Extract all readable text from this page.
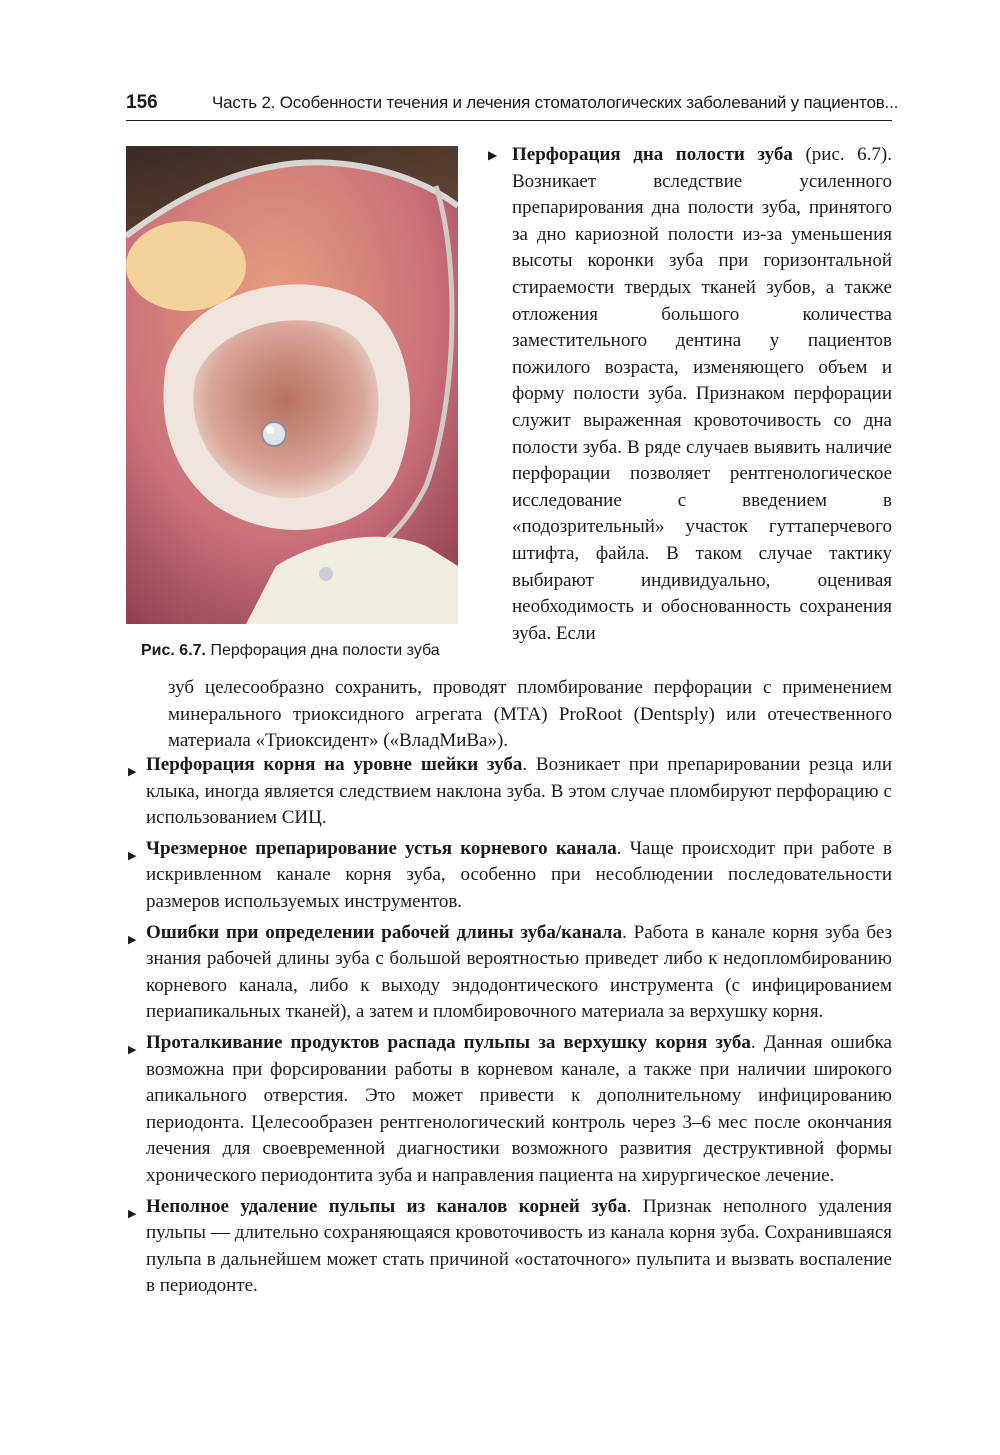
156	Часть 2. Особенности течения и лечения стоматологических заболеваний у пациентов...
Рис. 6.7. Перфорация дна полости зуба
▶ Перфорация дна полости зуба (рис. 6.7). Возникает вследствие усиленного препарирования дна полости зуба, принятого за дно кариозной полости из-за уменьшения высоты коронки зуба при горизонтальной стираемости твердых тканей зубов, а также отложения большого количества заместительного дентина у пациентов пожилого возраста, изменяющего объем и форму полости зуба. Признаком перфорации служит выраженная кровоточивость со дна полости зуба. В ряде случаев выявить наличие перфорации позволяет рентгенологическое исследование с введением в «подозрительный» участок гуттаперчевого штифта, файла. В таком случае тактику выбирают индивидуально, оценивая необходимость и обоснованность сохранения зуба. Если
зуб целесообразно сохранить, проводят пломбирование перфорации с применением минерального триоксидного агрегата (МТА) ProRoot (Dentsply) или отечественного материала «Триоксидент» («ВладМиВа»).
▶ Перфорация корня на уровне шейки зуба. Возникает при препарировании резца или клыка, иногда является следствием наклона зуба. В этом случае пломбируют перфорацию с использованием СИЦ.
▶ Чрезмерное препарирование устья корневого канала. Чаще происходит при работе в искривленном канале корня зуба, особенно при несоблюдении последовательности размеров используемых инструментов.
▶ Ошибки при определении рабочей длины зуба/канала. Работа в канале корня зуба без знания рабочей длины зуба с большой вероятностью приведет либо к недопломбированию корневого канала, либо к выходу эндодонтического инструмента (с инфицированием периапикальных тканей), а затем и пломбировочного материала за верхушку корня.
▶ Проталкивание продуктов распада пульпы за верхушку корня зуба. Данная ошибка возможна при форсировании работы в корневом канале, а также при наличии широкого апикального отверстия. Это может привести к дополнительному инфицированию периодонта. Целесообразен рентгенологический контроль через 3–6 мес после окончания лечения для своевременной диагностики возможного развития деструктивной формы хронического периодонтита зуба и направления пациента на хирургическое лечение.
▶ Неполное удаление пульпы из каналов корней зуба. Признак неполного удаления пульпы — длительно сохраняющаяся кровоточивость из канала корня зуба. Сохранившаяся пульпа в дальнейшем может стать причиной «остаточного» пульпита и вызвать воспаление в периодонте.
